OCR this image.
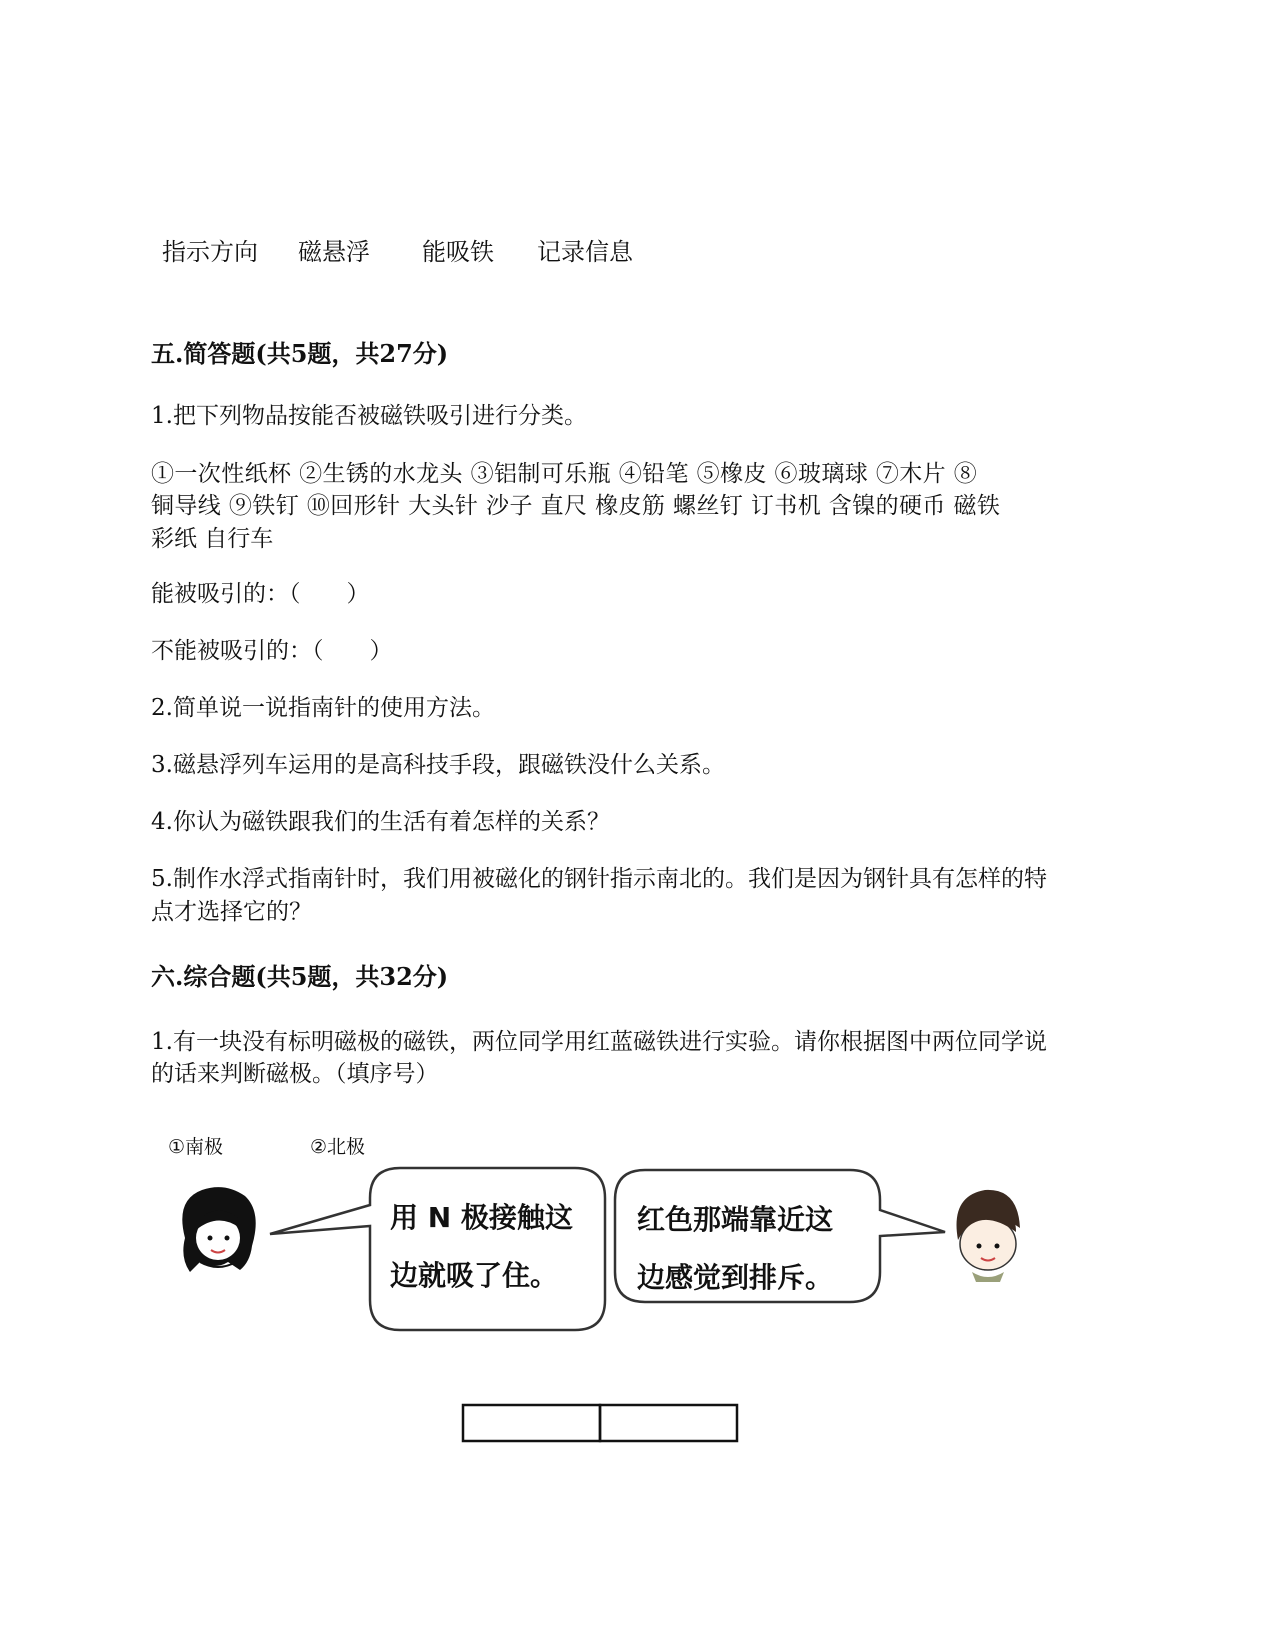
指示方向 磁悬浮 能吸铁 记录信息
五.简答题(共5题，共27分)
1.把下列物品按能否被磁铁吸引进行分类。
①一次性纸杯 ②生锈的水龙头 ③铝制可乐瓶 ④铅笔 ⑤橡皮 ⑥玻璃球 ⑦木片 ⑧
铜导线 ⑨铁钉 ⑩回形针 大头针 沙子 直尺 橡皮筋 螺丝钉 订书机 含镍的硬币 磁铁
彩纸 自行车
能被吸引的：（　　）
不能被吸引的：（　　）
2.简单说一说指南针的使用方法。
3.磁悬浮列车运用的是高科技手段，跟磁铁没什么关系。
4.你认为磁铁跟我们的生活有着怎样的关系？
5.制作水浮式指南针时，我们用被磁化的钢针指示南北的。我们是因为钢针具有怎样的特
点才选择它的？
六.综合题(共5题，共32分)
1.有一块没有标明磁极的磁铁，两位同学用红蓝磁铁进行实验。请你根据图中两位同学说
的话来判断磁极。（填序号）
①南极	②北极
用 N 极接触这
边就吸了住。
红色那端靠近这
边感觉到排斥。
